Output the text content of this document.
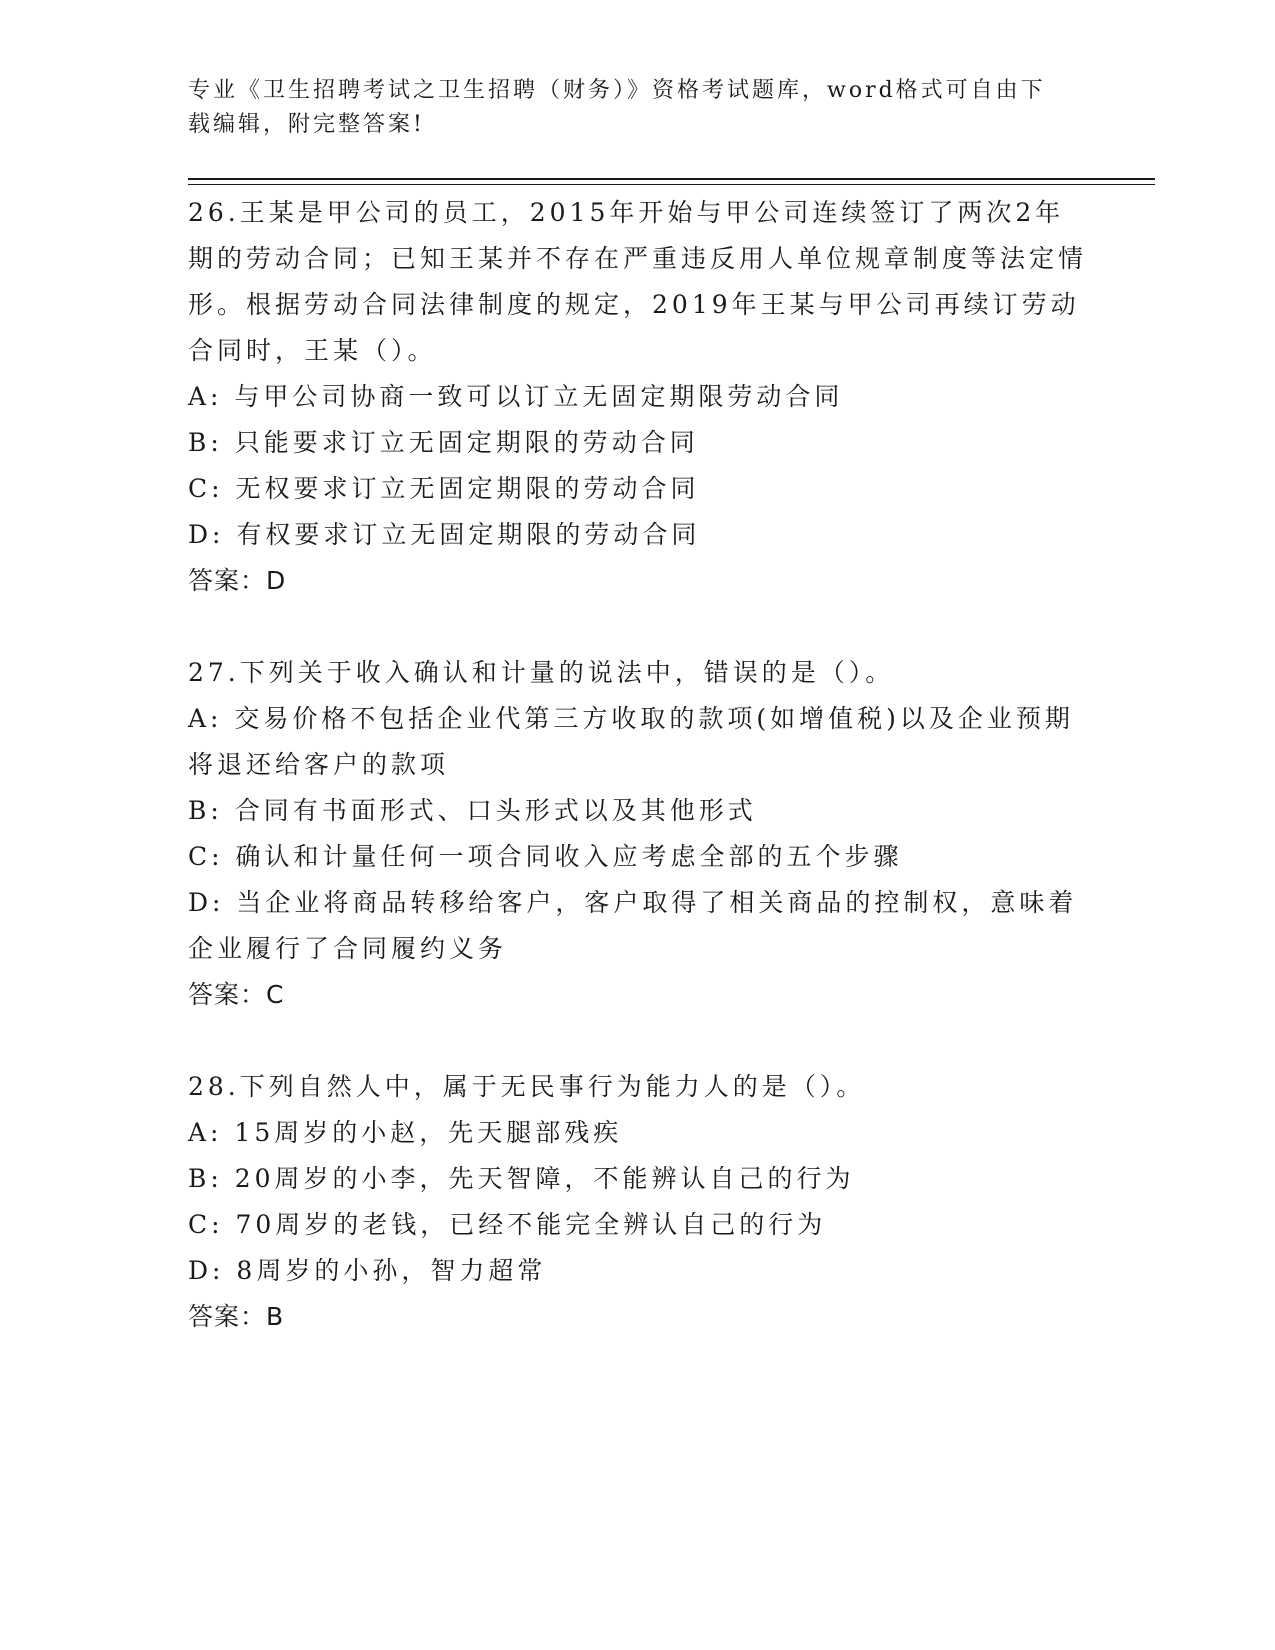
专业《卫生招聘考试之卫生招聘（财务）》资格考试题库，word格式可自由下载编辑，附完整答案!

26.王某是甲公司的员工，2015年开始与甲公司连续签订了两次2年期的劳动合同；已知王某并不存在严重违反用人单位规章制度等法定情形。根据劳动合同法律制度的规定，2019年王某与甲公司再续订劳动合同时，王某（）。

A: 与甲公司协商一致可以订立无固定期限劳动合同

B: 只能要求订立无固定期限的劳动合同

C: 无权要求订立无固定期限的劳动合同

D: 有权要求订立无固定期限的劳动合同

答案：D

27.下列关于收入确认和计量的说法中，错误的是（）。

A: 交易价格不包括企业代第三方收取的款项(如增值税)以及企业预期将退还给客户的款项

B: 合同有书面形式、口头形式以及其他形式

C: 确认和计量任何一项合同收入应考虑全部的五个步骤

D: 当企业将商品转移给客户，客户取得了相关商品的控制权，意味着企业履行了合同履约义务

答案：C

28.下列自然人中，属于无民事行为能力人的是（）。

A: 15周岁的小赵，先天腿部残疾

B: 20周岁的小李，先天智障，不能辨认自己的行为

C: 70周岁的老钱，已经不能完全辨认自己的行为

D: 8周岁的小孙，智力超常

答案：B
